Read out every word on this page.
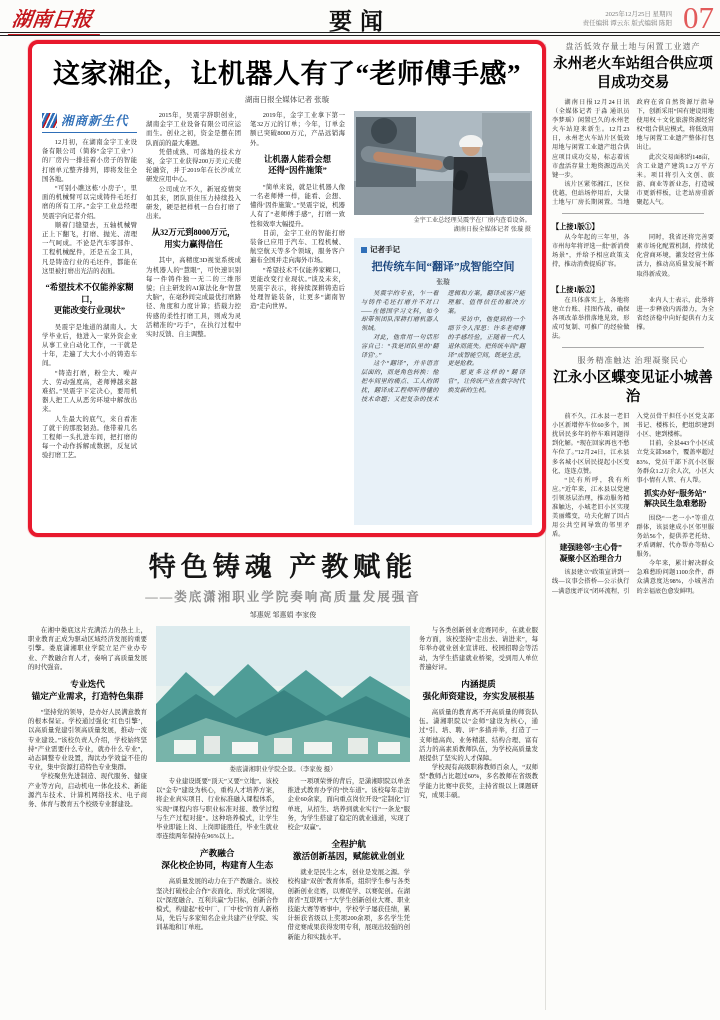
湖南日报	要闻	2025年12月25日 星期四
责任编辑 谭云东 版式编辑 陈阳 07
这家湘企，让机器人有了“老师傅手感”
湖南日报全媒体记者 张璇
湘商新生代

12月初，在湖南金宇工业设备有限公司（简称“金宇工业”）的厂房内一排挂着小房子的智能打磨单元整齐排列，即将发往全国各地。

“可别小瞧这栋‘小房子’，里面的机械臂可以完成铸件毛坯打磨的所有工序。”金宇工业总经理吴震宇向记者介绍。

顺着门缝望去，五轴机械臂正上下翻飞，打磨、抛光、清理一气呵成。不论是汽车零部件、工程机械配件，还是五金工具，凡是铸造行业的毛坯件，都能在这里被打磨出光洁的表面。

“希望技术不仅能养家糊口，
更能改变行业现状”

吴震宇是地道的湖南人。大学毕业后，他进入一家外资企业从事工业自动化工作，一干就是十年，走遍了大大小小的铸造车间。

“铸造打磨，粉尘大、噪声大、劳动强度高，老师傅越来越难招。”吴震宇下定决心，要用机器人把工人从恶劣环境中解放出来。

人生最大的底气，来自看准了就干的那股韧劲。他带着几名工程师一头扎进车间，把打磨的每一个动作拆解成数据，反复试验打磨工艺。

2015年，吴震宇辞职创业，湖南金宇工业设备有限公司应运而生。创业之初，资金是摆在团队面前的最大难题。

凭借成熟、可落地的技术方案，金宇工业获得200万美元天使轮融资，并于2019年在长沙成立研发应用中心。

公司成立不久，新冠疫情突如其来，团队顶住压力持续投入研发，硬是把样机一台台打磨了出来。

从32万元到8000万元，
用实力赢得信任

其中，高精度3D视觉系统成为机器人的“慧眼”，可快速识别每一件铸件独一无二的三维形貌；自主研发的AI算法化身“智慧大脑”，在毫秒间完成最优打磨路径、角度和力度计算；搭载力控传感的柔性打磨工具，则成为灵活精准的“巧手”，在执行过程中实时反馈、自主调整。

2019年，金宇工业拿下第一笔32万元的订单；今年，订单金额已突破8000万元，产品远销海外。

让机器人能看会想
还得“因件施策”

“简单来说，就是让机器人像一名老师傅一样，能看、会想、懂得‘因件施策’。”吴震宇说，机器人有了“老师傅手感”，打磨一致性和效率大幅提升。

目前，金宇工业的智能打磨装备已应用于汽车、工程机械、航空航天等多个领域，服务客户遍布全国并走向海外市场。

“希望技术不仅能养家糊口，更能改变行业现状。”谈及未来，吴震宇表示，将持续深耕铸造后处理智能装备，让更多“湖南智造”走向世界。

金宇工业总经理吴震宇在厂房内查看设备。
湖南日报全媒体记者 张璇 摄
记者手记
把传统车间“翻译”成智能空间
张璇

吴震宇的专业，乍一看与铸件毛坯打磨并不对口——在德国学习文科，如今却带领团队深耕打磨机器人领域。

对此，他常用一句话形容自己：“我是团队里的‘翻译官’。”

这个“翻译”，并非语言层面的，而是角色转换：他把车间里的痛点、工人的困扰，翻译成工程师听得懂的技术命题；又把复杂的技术逻辑和方案，翻译成客户能理解、值得信任的解决方案。

采访中，他提到的一个细节令人深思：许多老师傅的手感经验，正随着一代人退休而流失。把传统车间“翻译”成智能空间，既是生意，更是抢救。

愿更多这样的“翻译官”，让传统产业在数字时代焕发新的生机。

盘活低效存量土地与闲置工业遗产
永州老火车站组合供应项目成功交易

湖南日报12月24日讯（全媒体记者 于淼 通讯员 李梦瑶）闲置已久的永州老火车站迎来新生。12月23日，永州老火车站片区低效用地与闲置工业遗产组合供应项目成功交易，标志着该市盘活存量土地资源迈出关键一步。

该片区紧邻湘江，区位优越，但站场停用后，大量土地与厂房长期闲置。当地政府在省自然资源厅指导下，创新采用“国有建设用地使用权＋文化旅游资源经营权”组合供应模式，将低效用地与闲置工业遗产整体打包出让。

此次交易面积约148亩，含工业遗产建筑1.2万平方米。项目将引入文创、旅游、商业等新业态，打造城市更新样板，让老站房重新聚起人气。

【上接1版①】

从今年起的三年里，各市州每年将评选一批“新消费场景”，并给予相应政策支持，推动消费提质扩容。

同时，我省还将完善要素市场化配置机制，持续优化营商环境，激发经营主体活力，推动高质量发展不断取得新成效。

【上接1版②】

在具体落实上，各地将建立台账、挂图作战，确保各项改革举措落地见效，形成可复制、可推广的经验做法。

业内人士表示，此举将进一步释放内需潜力，为全省经济稳中向好提供有力支撑。

服务精准触达 治理凝聚民心
江永小区蝶变见证小城善治

前不久，江永县一老旧小区新增停车位60多个，困扰居民多年的停车难问题得到化解。“现在回家再也不愁车位了。”12月24日，江永县多名城小区居民提起小区变化，连连点赞。

“民有所呼，我有所应。”近年来，江永县以党建引领基层治理，推动服务精准触达，小城老旧小区实现美丽蝶变，功夫化解了因占用公共空间导致的邻里矛盾。

建强睦邻“主心骨”
凝聚小区治理合力

该县建立“政策宣讲到一线—议事会搭桥—公示执行—满意度评议”闭环流程，引入党员骨干担任小区党支部书记、楼栋长，把组织建到小区、建到楼栋。

目前，全县443个小区成立党支部368个，覆盖率超过83%，党员干部下沉小区服务群众1.2万余人次，小区大事小情有人管、有人帮。

抓实办好“服务站”
解决民生急难愁盼

围绕“一老一小”等重点群体，该县建成小区邻里服务站56个，提供养老托幼、矛盾调解、代办帮办等贴心服务。

今年来，累计解决群众急难愁盼问题1100余件，群众满意度达98%，小城善治的幸福底色愈发鲜明。

特色铸魂 产教赋能
——娄底潇湘职业学院奏响高质量发展强音
邹惠妮 邹惠娟 李家俊

在湘中娄底这片充满活力的热土上，职业教育正成为驱动区域经济发展的重要引擎。娄底潇湘职业学院立足产业办专业、产教融合育人才，奏响了高质量发展的时代强音。

专业迭代
锚定产业需求，打造特色集群

“坚持党的领导，是办好人民满意教育的根本保证。学校通过强化‘红色引擎’，以高质量党建引领高质量发展，推动一流专业建设。”该校负责人介绍，学校始终坚持“产业需要什么专业，就办什么专业”，动态调整专业设置，淘汰办学效益不佳的专业，集中资源打造特色专业集群。

学校聚焦先进制造、现代服务、健康产业等方向，启动机电一体化技术、新能源汽车技术、计算机网络技术、电子商务、体育与教育五个校级专业群建设。

娄底潇湘职业学院全景。（李家俊 摄）

专业建设既要“顶天”又要“立地”。该校以“金专”建设为核心，重构人才培养方案，将企业真实项目、行业标准融入课程体系，实现“课程内容与职业标准对接、教学过程与生产过程对接”。这种培养模式，让学生毕业即能上岗、上岗即能胜任，毕业生就业率连续两年保持在96%以上。

产教融合
深化校企协同，构建育人生态

高质量发展的动力在于产教融合。该校坚决打破校企合作“表面化、形式化”困境，以“深度融合、互利共赢”为目标，创新合作模式，构建起“校中厂、厂中校”的育人新格局，先后与多家知名企业共建产业学院、实训基地和订单班。

一项项荣誉的背后，是潇湘职院以单垄推进式教育办学的“快车道”。该校每年走访企业60余家，面向重点岗位开设“定制化”订单班，从招生、培养到就业实行“一条龙”服务，为学生搭建了稳定的就业通道，实现了校企“双赢”。

全程护航
激活创新基因，赋能就业创业

就业是民生之本，创业是发展之源。学校构建“双创”教育体系，组织学生参与各类创新创业竞赛，以赛促学、以赛促创。在湖南省“互联网＋”大学生创新创业大赛、职业技能大赛等赛事中，学校学子屡获佳绩，累计斩获省级以上奖项200余项，多名学生凭借竞赛成果获得发明专利，展现出较强的创新能力和实践水平。

与各类创新创业竞赛同步，在就业服务方面，该校坚持“走出去、请进来”，每年举办就业创业宣讲班、校园招聘会等活动，为学生搭建就业桥梁，受到用人单位普遍好评。

内涵提质
强化师资建设，夯实发展根基

高质量的教育离不开高质量的师资队伍。潇湘职院以“金师”建设为核心，通过“引、培、聘、评”多措并举，打造了一支师德高尚、业务精湛、结构合理、富有活力的高素质教师队伍，为学校高质量发展提供了坚实的人才保障。

学校现有高级职称教师百余人，“双师型”教师占比超过60%，多名教师在省级教学能力比赛中获奖，主持省级以上课题研究，成果丰硕。
